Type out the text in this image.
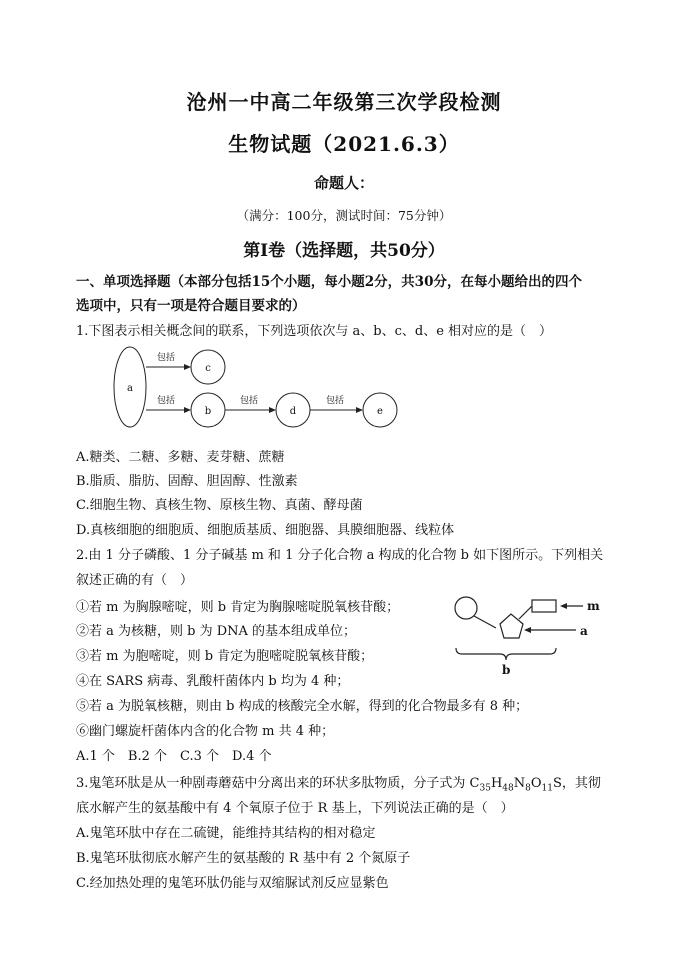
沧州一中高二年级第三次学段检测
生物试题（2021.6.3）
命题人：
（满分：100分，测试时间：75分钟）
第Ⅰ卷（选择题，共50分）
一、单项选择题（本部分包括15个小题，每小题2分，共30分，在每小题给出的四个
选项中，只有一项是符合题目要求的）
1.下图表示相关概念间的联系，下列选项依次与 a、b、c、d、e 相对应的是（　）
a
b
c
d	e
包括
包括	包括	包括
A.糖类、二糖、多糖、麦芽糖、蔗糖
B.脂质、脂肪、固醇、胆固醇、性激素
C.细胞生物、真核生物、原核生物、真菌、酵母菌
D.真核细胞的细胞质、细胞质基质、细胞器、具膜细胞器、线粒体
2.由 1 分子磷酸、1 分子碱基 m 和 1 分子化合物 a 构成的化合物 b 如下图所示。下列相关
叙述正确的有（　）
①若 m 为胸腺嘧啶，则 b 肯定为胸腺嘧啶脱氧核苷酸；
②若 a 为核糖，则 b 为 DNA 的基本组成单位；
③若 m 为胞嘧啶，则 b 肯定为胞嘧啶脱氧核苷酸；
④在 SARS 病毒、乳酸杆菌体内 b 均为 4 种；
⑤若 a 为脱氧核糖，则由 b 构成的核酸完全水解，得到的化合物最多有 8 种；
⑥幽门螺旋杆菌体内含的化合物 m 共 4 种；
A.1 个　B.2 个　C.3 个　D.4 个
m
a
b
3.鬼笔环肽是从一种剧毒蘑菇中分离出来的环状多肽物质，分子式为 $C_{35}H_{48}N_8O_{11}S$，其彻
底水解产生的氨基酸中有 4 个氧原子位于 R 基上，下列说法正确的是（　）
A.鬼笔环肽中存在二硫键，能维持其结构的相对稳定
B.鬼笔环肽彻底水解产生的氨基酸的 R 基中有 2 个氮原子
C.经加热处理的鬼笔环肽仍能与双缩脲试剂反应显紫色
